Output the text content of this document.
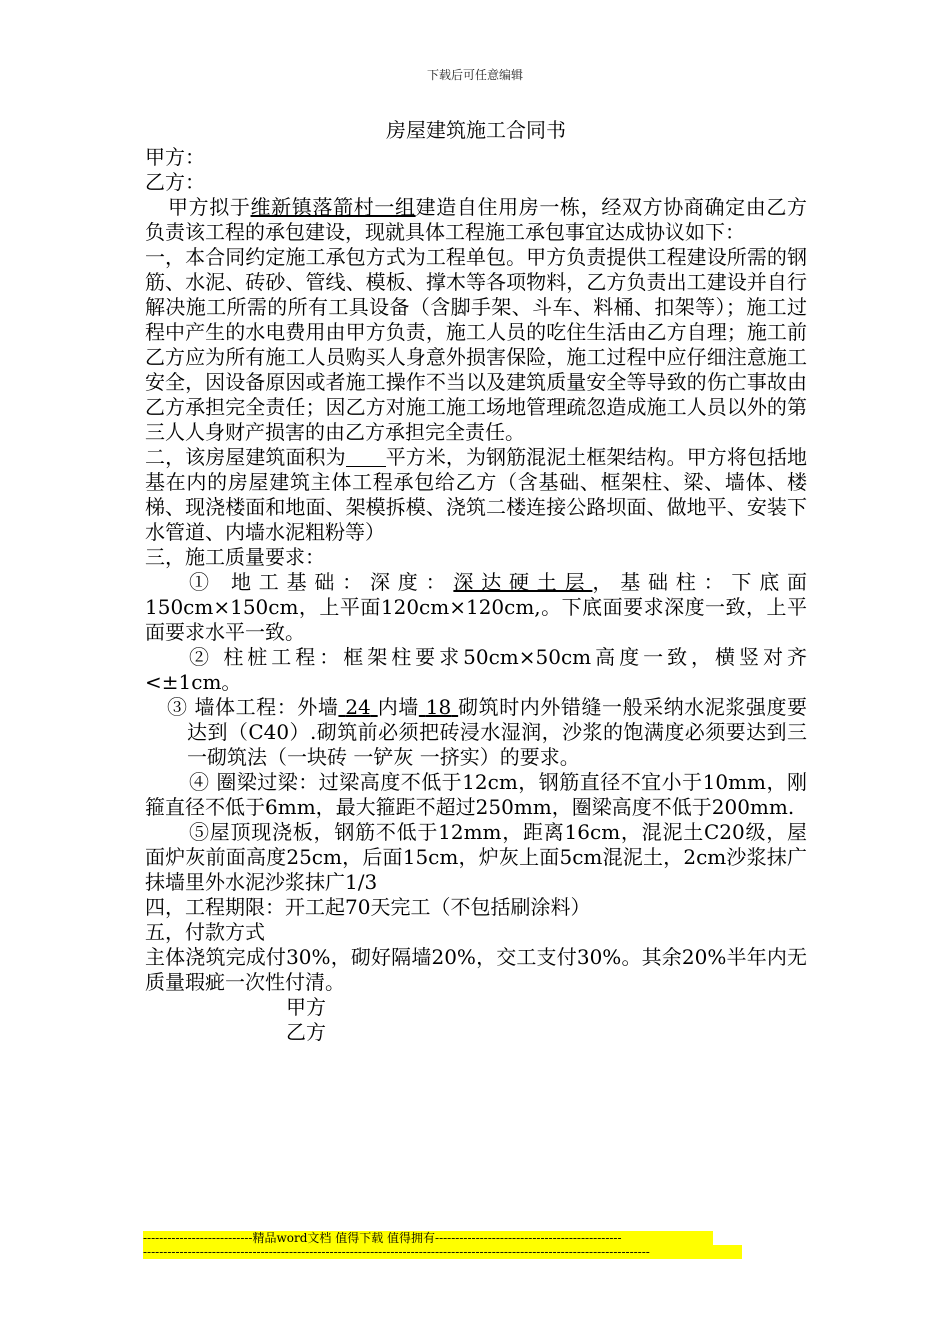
下载后可任意编辑

房屋建筑施工合同书

甲方：

乙方：

甲方拟于维新镇落箭村一组建造自住用房一栋，经双方协商确定由乙方负责该工程的承包建设，现就具体工程施工承包事宜达成协议如下：

一，本合同约定施工承包方式为工程单包。甲方负责提供工程建设所需的钢筋、水泥、砖砂、管线、模板、撑木等各项物料，乙方负责出工建设并自行解决施工所需的所有工具设备（含脚手架、斗车、料桶、扣架等）；施工过程中产生的水电费用由甲方负责，施工人员的吃住生活由乙方自理；施工前乙方应为所有施工人员购买人身意外损害保险，施工过程中应仔细注意施工安全，因设备原因或者施工操作不当以及建筑质量安全等导致的伤亡事故由乙方承担完全责任；因乙方对施工施工场地管理疏忽造成施工人员以外的第三人人身财产损害的由乙方承担完全责任。

二，该房屋建筑面积为 平方米，为钢筋混泥土框架结构。甲方将包括地基在内的房屋建筑主体工程承包给乙方（含基础、框架柱、梁、墙体、楼梯、现浇楼面和地面、架模拆模、浇筑二楼连接公路坝面、做地平、安装下水管道、内墙水泥粗粉等）

三，施工质量要求：

① 地工基础：深度：深达硬土层，基础柱：下底面150cm×150cm，上平面120cm×120cm,。下底面要求深度一致，上平面要求水平一致。

② 柱桩工程：框架柱要求50cm×50cm高度一致，横竖对齐<±1cm。

③ 墙体工程：外墙 24 内墙 18 砌筑时内外错缝一般采纳水泥浆强度要达到（C40）.砌筑前必须把砖浸水湿润，沙浆的饱满度必须要达到三一砌筑法（一块砖 一铲灰 一挤实）的要求。

④ 圈梁过梁：过梁高度不低于12cm，钢筋直径不宜小于10mm，刚箍直径不低于6mm，最大箍距不超过250mm，圈梁高度不低于200mm.

⑤屋顶现浇板，钢筋不低于12mm，距离16cm，混泥土C20级，屋面炉灰前面高度25cm，后面15cm，炉灰上面5cm混泥土，2cm沙浆抹广抹墙里外水泥沙浆抹广1/3

四，工程期限：开工起70天完工（不包括刷涂料）

五，付款方式

主体浇筑完成付30%，砌好隔墙20%，交工支付30%。其余20%半年内无质量瑕疵一次性付清。

甲方

乙方

---------------------------精品word文档 值得下载 值得拥有----------------------------------------------
-----------------------------------------------------------------------------------------------------------------------------
